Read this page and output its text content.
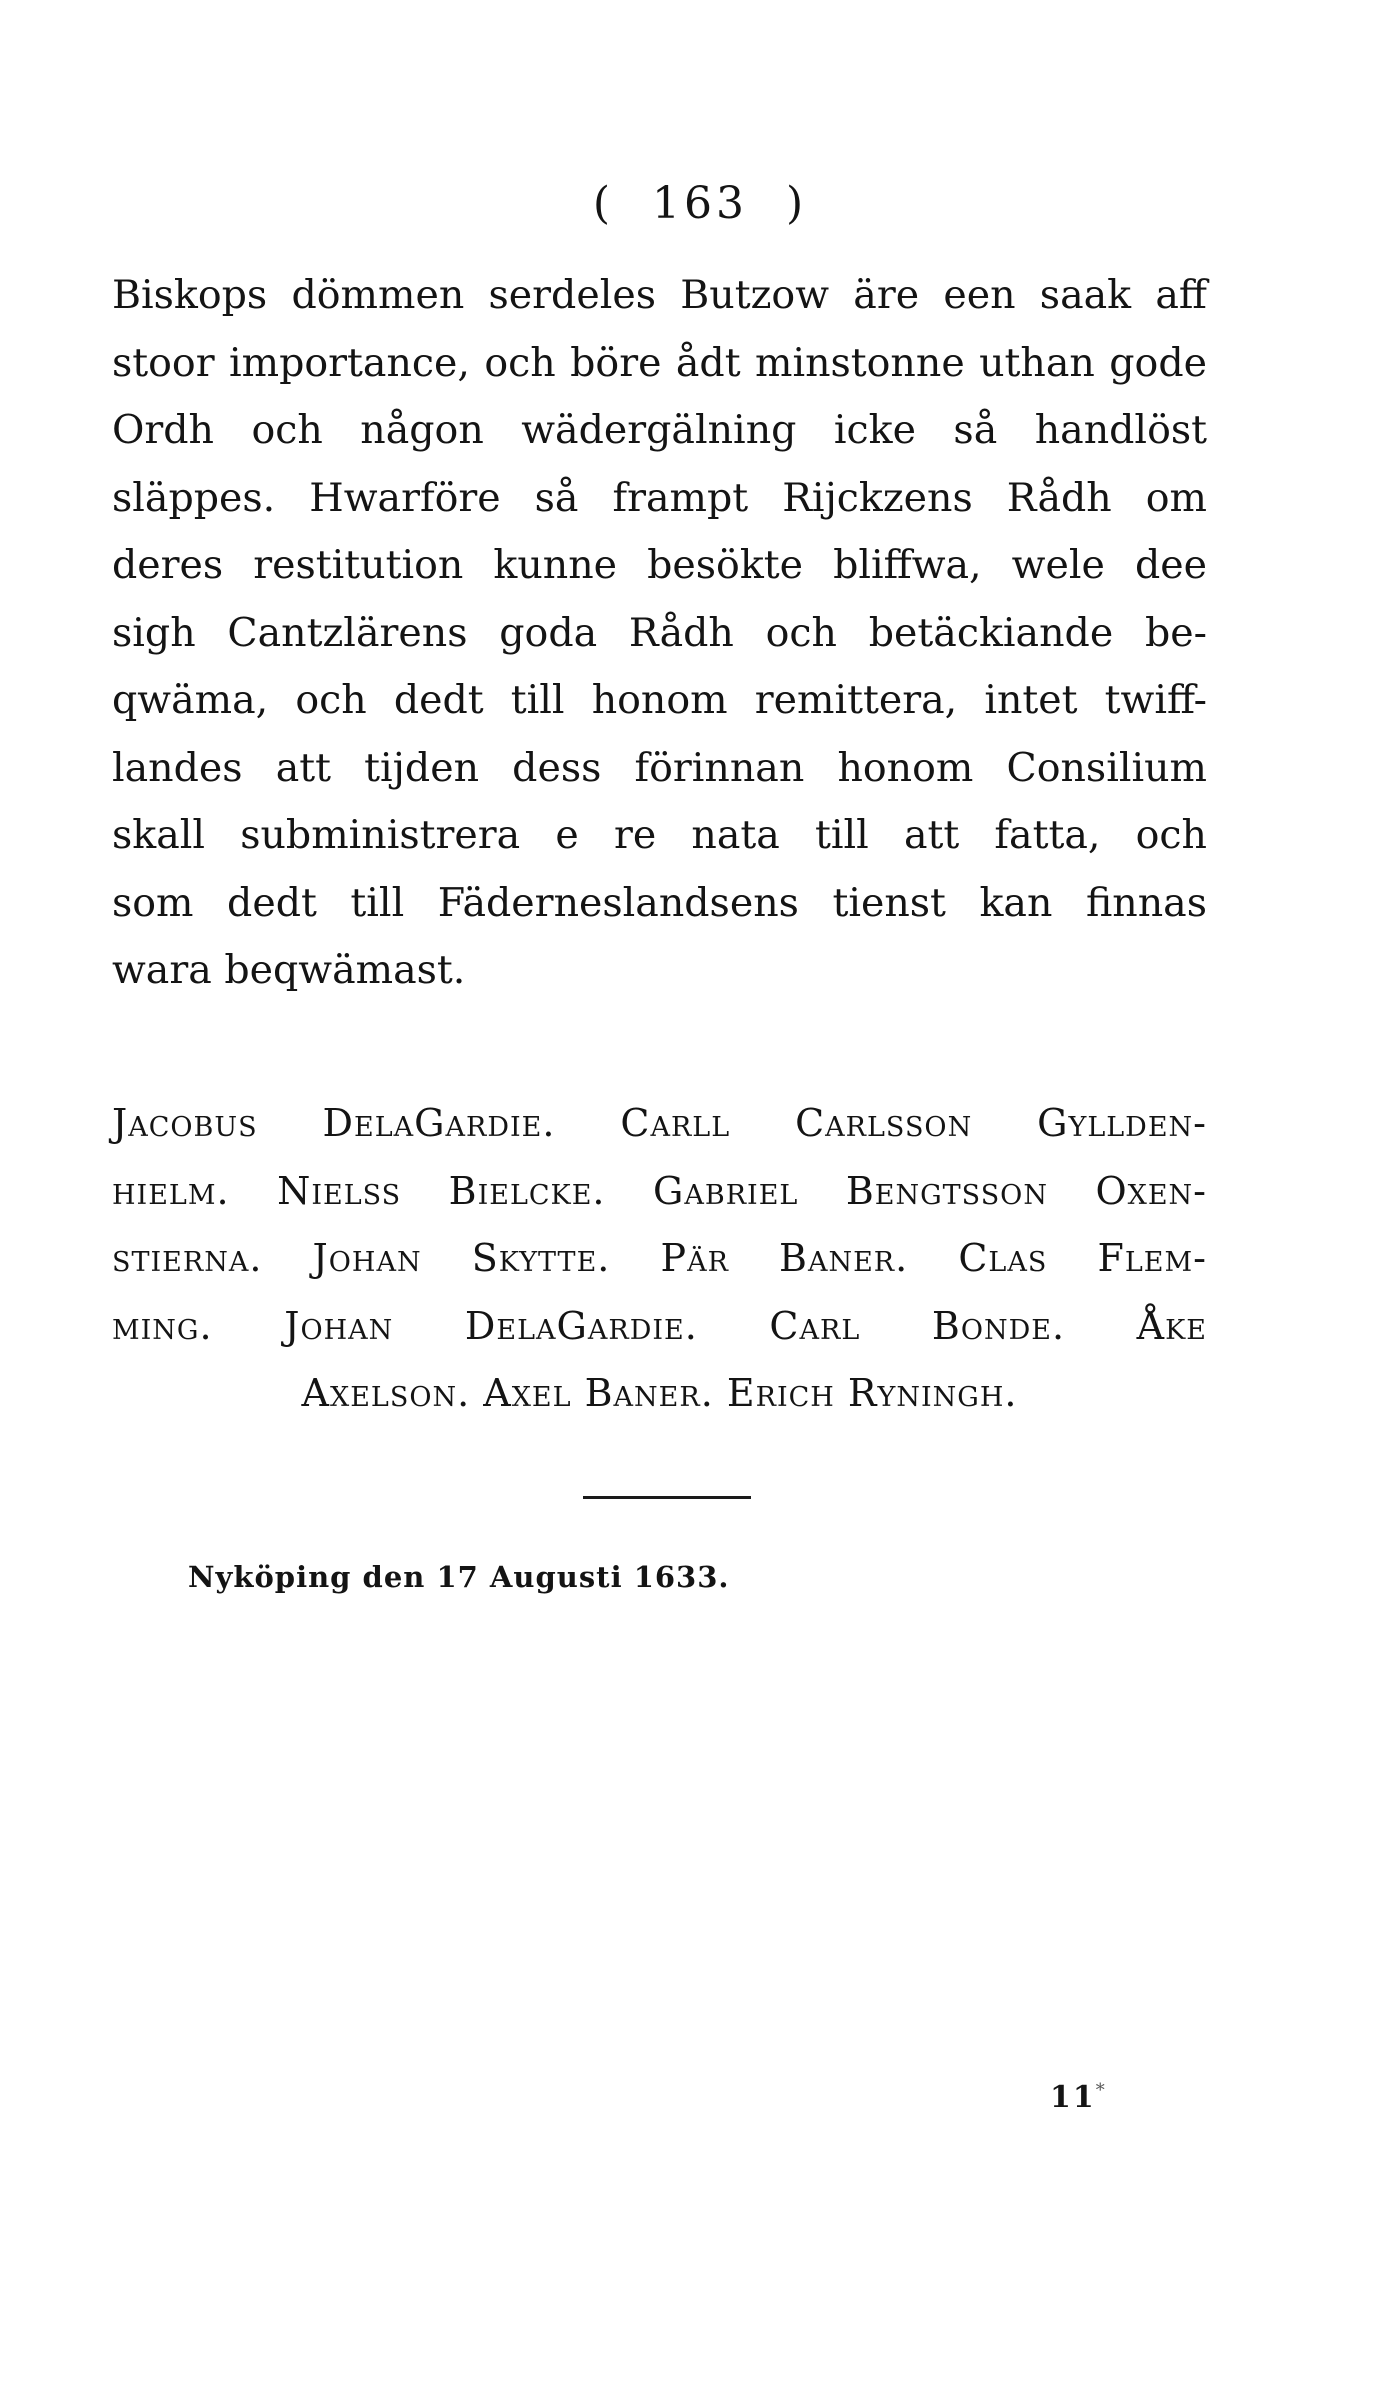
( 163 )
Biskops dömmen serdeles Butzow äre een saak aff
stoor importance, och böre ådt minstonne uthan gode
Ordh och någon wädergälning icke så handlöst
släppes. Hwarföre så frampt Rijckzens Rådh om
deres restitution kunne besökte bliffwa, wele dee
sigh Cantzlärens goda Rådh och betäckiande be-
qwäma, och dedt till honom remittera, intet twiff-
landes att tijden dess förinnan honom Consilium
skall subministrera e re nata till att fatta, och
som dedt till Fäderneslandsens tienst kan finnas
wara beqwämast.
Jacobus DelaGardie. Carll Carlsson Gyllden-
hielm. Nielss Bielcke. Gabriel Bengtsson Oxen-
stierna. Johan Skytte. Pär Baner. Clas Flem-
ming. Johan DelaGardie. Carl Bonde. Åke
Axelson. Axel Baner. Erich Ryningh.
Nyköping den 17 Augusti 1633.
11*
